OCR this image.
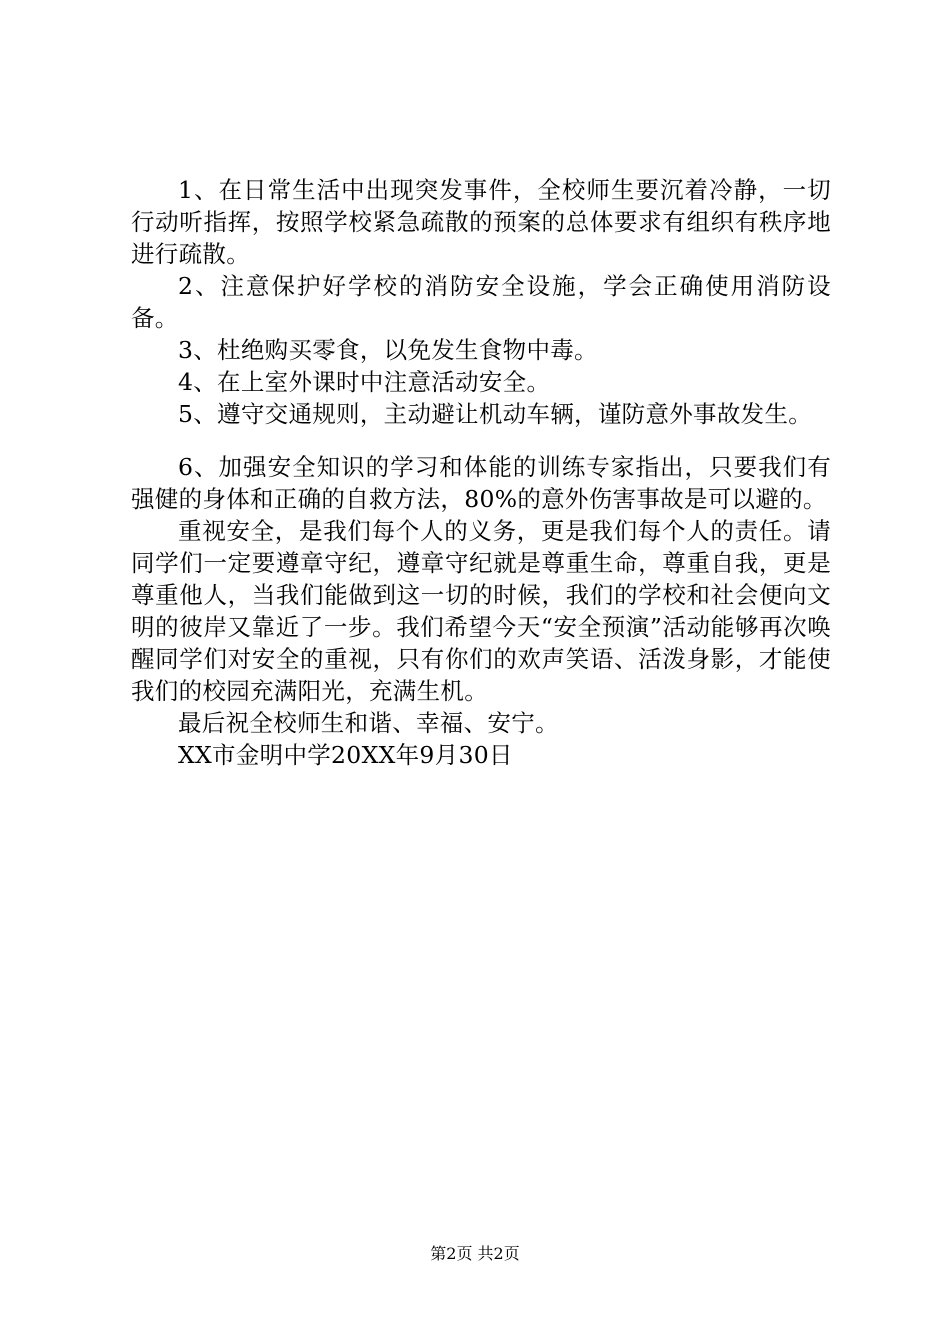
1、在日常生活中出现突发事件，全校师生要沉着冷静，一切行动听指挥，按照学校紧急疏散的预案的总体要求有组织有秩序地进行疏散。

2、注意保护好学校的消防安全设施，学会正确使用消防设备。

3、杜绝购买零食，以免发生食物中毒。

4、在上室外课时中注意活动安全。

5、遵守交通规则，主动避让机动车辆，谨防意外事故发生。

6、加强安全知识的学习和体能的训练专家指出，只要我们有强健的身体和正确的自救方法，80%的意外伤害事故是可以避的。

重视安全，是我们每个人的义务，更是我们每个人的责任。请同学们一定要遵章守纪，遵章守纪就是尊重生命，尊重自我，更是尊重他人，当我们能做到这一切的时候，我们的学校和社会便向文明的彼岸又靠近了一步。我们希望今天“安全预演”活动能够再次唤醒同学们对安全的重视，只有你们的欢声笑语、活泼身影，才能使我们的校园充满阳光，充满生机。

最后祝全校师生和谐、幸福、安宁。

XX市金明中学20XX年9月30日

第2页 共2页
